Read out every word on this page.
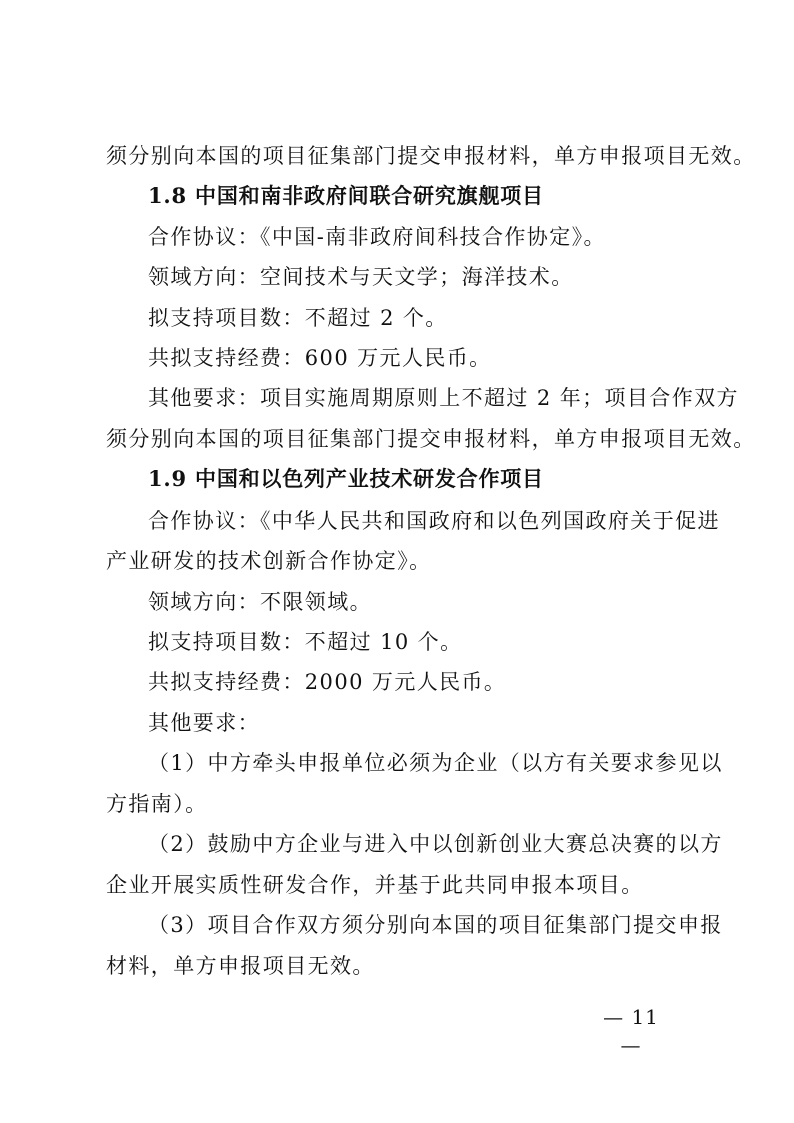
须分别向本国的项目征集部门提交申报材料，单方申报项目无效。
1.8 中国和南非政府间联合研究旗舰项目
合作协议：《中国-南非政府间科技合作协定》。
领域方向：空间技术与天文学；海洋技术。
拟支持项目数：不超过 2 个。
共拟支持经费：600 万元人民币。
其他要求：项目实施周期原则上不超过 2 年；项目合作双方
须分别向本国的项目征集部门提交申报材料，单方申报项目无效。
1.9 中国和以色列产业技术研发合作项目
合作协议：《中华人民共和国政府和以色列国政府关于促进
产业研发的技术创新合作协定》。
领域方向：不限领域。
拟支持项目数：不超过 10 个。
共拟支持经费：2000 万元人民币。
其他要求：
（1）中方牵头申报单位必须为企业（以方有关要求参见以
方指南）。
（2）鼓励中方企业与进入中以创新创业大赛总决赛的以方
企业开展实质性研发合作，并基于此共同申报本项目。
（3）项目合作双方须分别向本国的项目征集部门提交申报
材料，单方申报项目无效。
— 11 —
